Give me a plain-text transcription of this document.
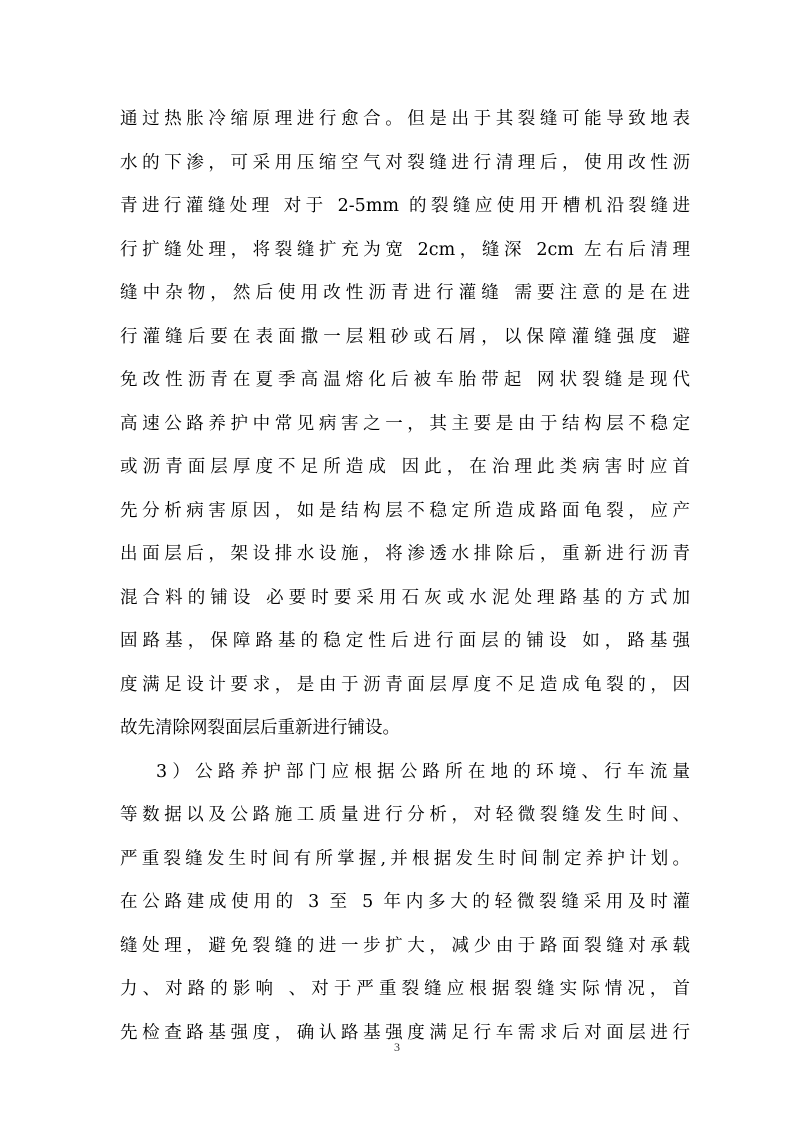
通过热胀冷缩原理进行愈合。但是出于其裂缝可能导致地表
水的下渗，可采用压缩空气对裂缝进行清理后，使用改性沥
青进行灌缝处理 对于 2-5mm 的裂缝应使用开槽机沿裂缝进
行扩缝处理，将裂缝扩充为宽 2cm，缝深 2cm 左右后清理
缝中杂物，然后使用改性沥青进行灌缝 需要注意的是在进
行灌缝后要在表面撒一层粗砂或石屑，以保障灌缝强度 避
免改性沥青在夏季高温熔化后被车胎带起 网状裂缝是现代
高速公路养护中常见病害之一，其主要是由于结构层不稳定
或沥青面层厚度不足所造成 因此，在治理此类病害时应首
先分析病害原因，如是结构层不稳定所造成路面龟裂，应产
出面层后，架设排水设施，将渗透水排除后，重新进行沥青
混合料的铺设 必要时要采用石灰或水泥处理路基的方式加
固路基，保障路基的稳定性后进行面层的铺设 如，路基强
度满足设计要求，是由于沥青面层厚度不足造成龟裂的，因
故先清除网裂面层后重新进行铺设。
3）公路养护部门应根据公路所在地的环境、行车流量
等数据以及公路施工质量进行分析，对轻微裂缝发生时间、
严重裂缝发生时间有所掌握,并根据发生时间制定养护计划。
在公路建成使用的 3 至 5 年内多大的轻微裂缝采用及时灌
缝处理，避免裂缝的进一步扩大，减少由于路面裂缝对承载
力、对路的影响 、对于严重裂缝应根据裂缝实际情况，首
先检查路基强度，确认路基强度满足行车需求后对面层进行
3
